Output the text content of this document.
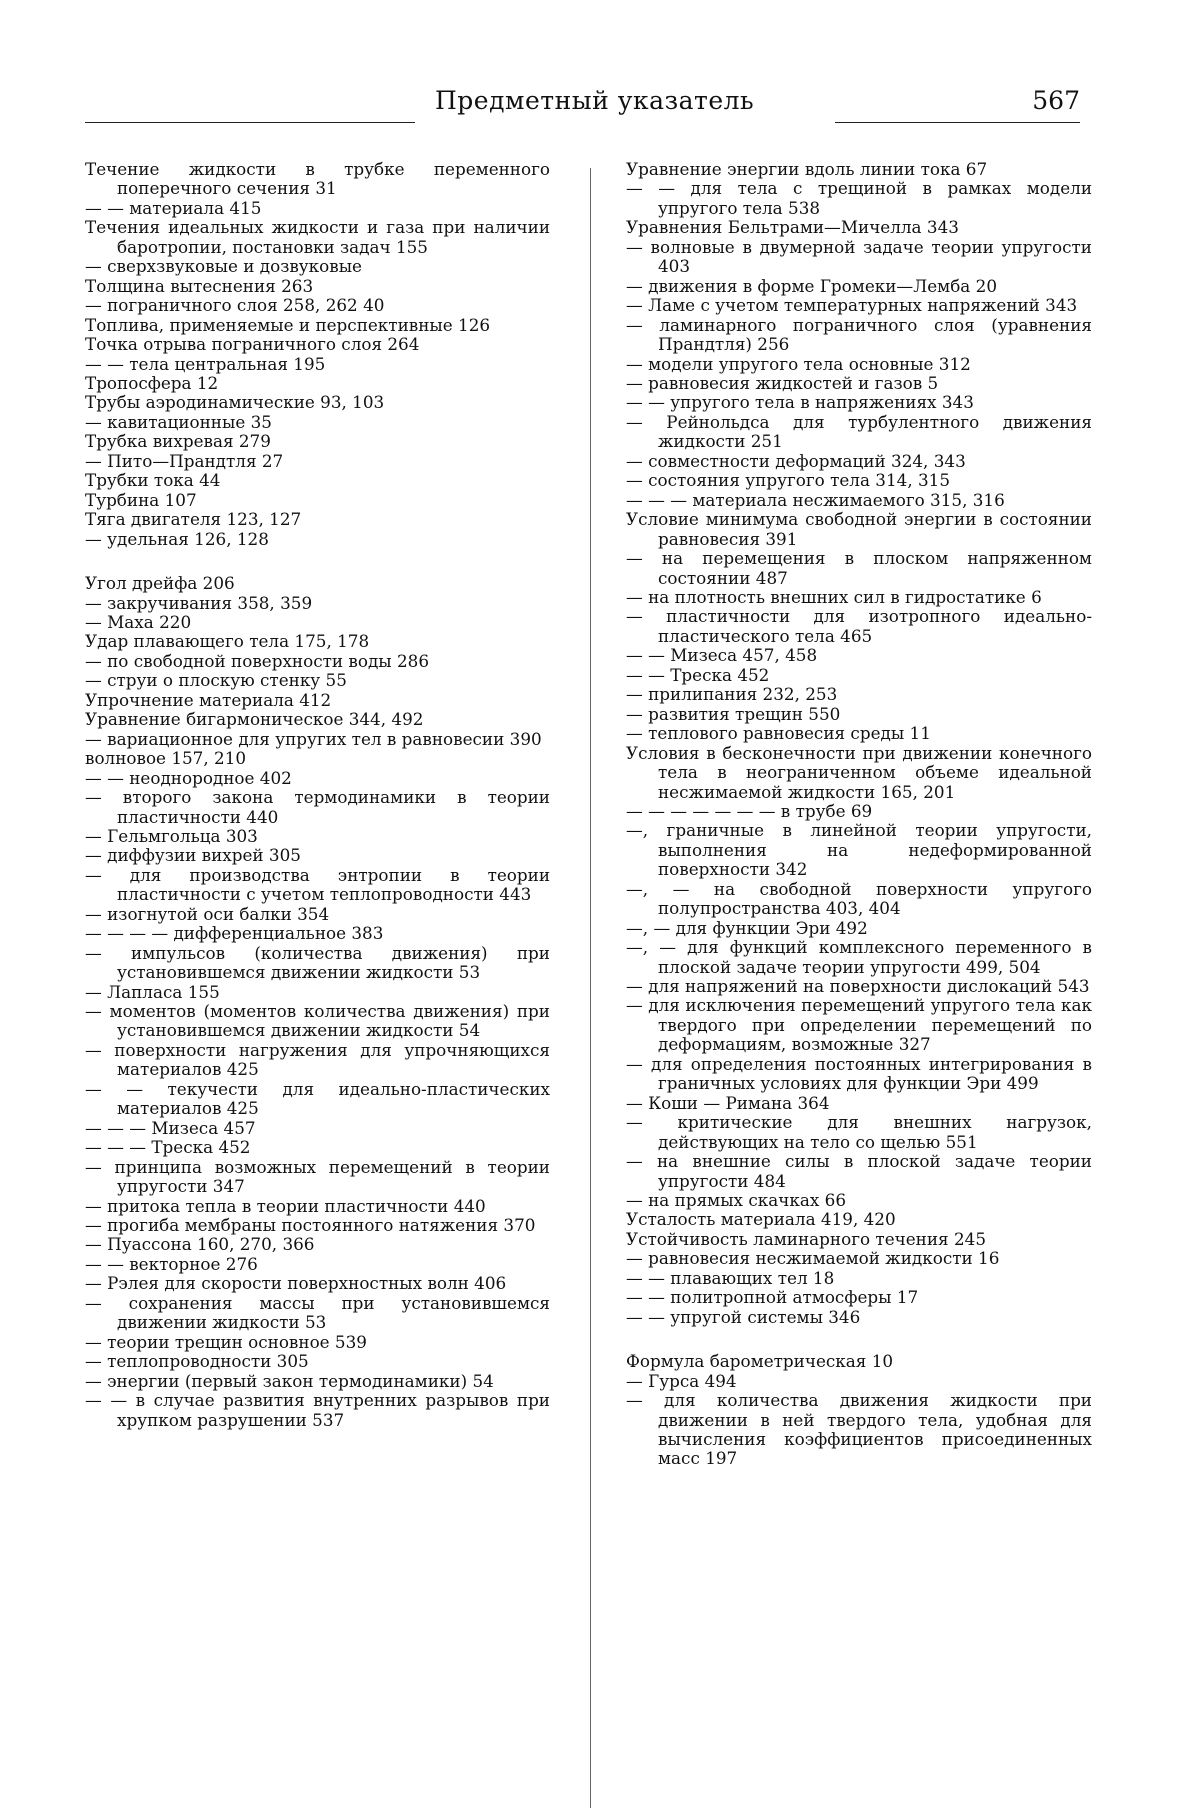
Предметный указатель	567

Течение жидкости в трубке переменного поперечного сечения 31

— — материала 415

Течения идеальных жидкости и газа при наличии баротропии, постановки задач 155

— сверхзвуковые и дозвуковые

Толщина вытеснения 263

— пограничного слоя 258, 262 40

Топлива, применяемые и перспективные 126

Точка отрыва пограничного слоя 264

— — тела центральная 195

Тропосфера 12

Трубы аэродинамические 93, 103

— кавитационные 35

Трубка вихревая 279

— Пито—Прандтля 27

Трубки тока 44

Турбина 107

Тяга двигателя 123, 127

— удельная 126, 128

Угол дрейфа 206

— закручивания 358, 359

— Маха 220

Удар плавающего тела 175, 178

— по свободной поверхности воды 286

— струи о плоскую стенку 55

Упрочнение материала 412

Уравнение бигармоническое 344, 492

— вариационное для упругих тел в равновесии 390

волновое 157, 210

— — неоднородное 402

— второго закона термодинамики в теории пластичности 440

— Гельмгольца 303

— диффузии вихрей 305

— для производства энтропии в теории пластичности с учетом теплопроводности 443

— изогнутой оси балки 354

— — — — дифференциальное 383

— импульсов (количества движения) при установившемся движении жидкости 53

— Лапласа 155

— моментов (моментов количества движения) при установившемся движении жидкости 54

— поверхности нагружения для упрочняющихся материалов 425

— — текучести для идеально-пластических материалов 425

— — — Мизеса 457

— — — Треска 452

— принципа возможных перемещений в теории упругости 347

— притока тепла в теории пластичности 440

— прогиба мембраны постоянного натяжения 370

— Пуассона 160, 270, 366

— — векторное 276

— Рэлея для скорости поверхностных волн 406

— сохранения массы при установившемся движении жидкости 53

— теории трещин основное 539

— теплопроводности 305

— энергии (первый закон термодинамики) 54

— — в случае развития внутренних разрывов при хрупком разрушении 537

Уравнение энергии вдоль линии тока 67

— — для тела с трещиной в рамках модели упругого тела 538

Уравнения Бельтрами—Мичелла 343

— волновые в двумерной задаче теории упругости 403

— движения в форме Громеки—Лемба 20

— Ламе с учетом температурных напряжений 343

— ламинарного пограничного слоя (уравнения Прандтля) 256

— модели упругого тела основные 312

— равновесия жидкостей и газов 5

— — упругого тела в напряжениях 343

— Рейнольдса для турбулентного движения жидкости 251

— совместности деформаций 324, 343

— состояния упругого тела 314, 315

— — — материала несжимаемого 315, 316

Условие минимума свободной энергии в состоянии равновесия 391

— на перемещения в плоском напряженном состоянии 487

— на плотность внешних сил в гидростатике 6

— пластичности для изотропного идеально-пластического тела 465

— — Мизеса 457, 458

— — Треска 452

— прилипания 232, 253

— развития трещин 550

— теплового равновесия среды 11

Условия в бесконечности при движении конечного тела в неограниченном объеме идеальной несжимаемой жидкости 165, 201

— — — — — — — в трубе 69

—, граничные в линейной теории упругости, выполнения на недеформированной поверхности 342

—, — на свободной поверхности упругого полупространства 403, 404

—, — для функции Эри 492

—, — для функций комплексного переменного в плоской задаче теории упругости 499, 504

— для напряжений на поверхности дислокаций 543

— для исключения перемещений упругого тела как твердого при определении перемещений по деформациям, возможные 327

— для определения постоянных интегрирования в граничных условиях для функции Эри 499

— Коши — Римана 364

— критические для внешних нагрузок, действующих на тело со щелью 551

— на внешние силы в плоской задаче теории упругости 484

— на прямых скачках 66

Усталость материала 419, 420

Устойчивость ламинарного течения 245

— равновесия несжимаемой жидкости 16

— — плавающих тел 18

— — политропной атмосферы 17

— — упругой системы 346

Формула барометрическая 10

— Гурса 494

— для количества движения жидкости при движении в ней твердого тела, удобная для вычисления коэффициентов присоединенных масс 197
